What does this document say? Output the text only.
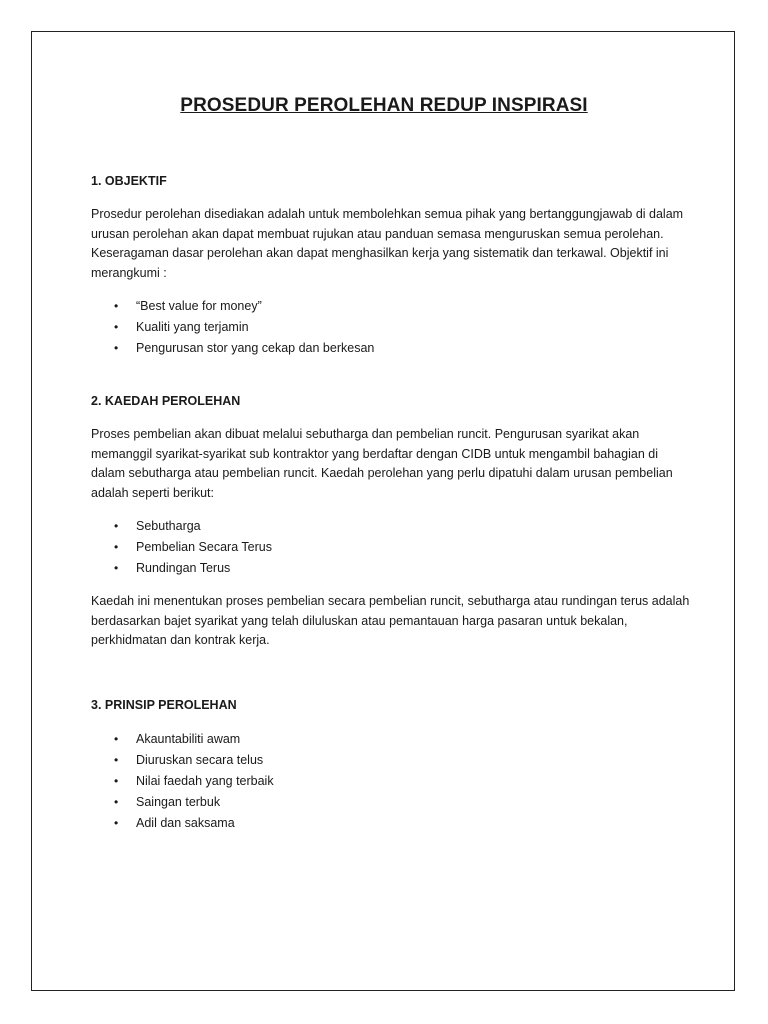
PROSEDUR PEROLEHAN REDUP INSPIRASI
1. OBJEKTIF

Prosedur perolehan disediakan adalah untuk membolehkan semua pihak yang bertanggungjawab di dalam urusan perolehan akan dapat membuat rujukan atau panduan semasa menguruskan semua perolehan. Keseragaman dasar perolehan akan dapat menghasilkan kerja yang sistematik dan terkawal. Objektif ini merangkumi :

• “Best value for money”
• Kualiti yang terjamin
• Pengurusan stor yang cekap dan berkesan
2. KAEDAH PEROLEHAN

Proses pembelian akan dibuat melalui sebutharga dan pembelian runcit. Pengurusan syarikat akan memanggil syarikat-syarikat sub kontraktor yang berdaftar dengan CIDB untuk mengambil bahagian di dalam sebutharga atau pembelian runcit. Kaedah perolehan yang perlu dipatuhi dalam urusan pembelian adalah seperti berikut:

• Sebutharga
• Pembelian Secara Terus
• Rundingan Terus

Kaedah ini menentukan proses pembelian secara pembelian runcit, sebutharga atau rundingan terus adalah berdasarkan bajet syarikat yang telah diluluskan atau pemantauan harga pasaran untuk bekalan, perkhidmatan dan kontrak kerja.

3. PRINSIP PEROLEHAN
• Akauntabiliti awam
• Diuruskan secara telus
• Nilai faedah yang terbaik
• Saingan terbuk
• Adil dan saksama
